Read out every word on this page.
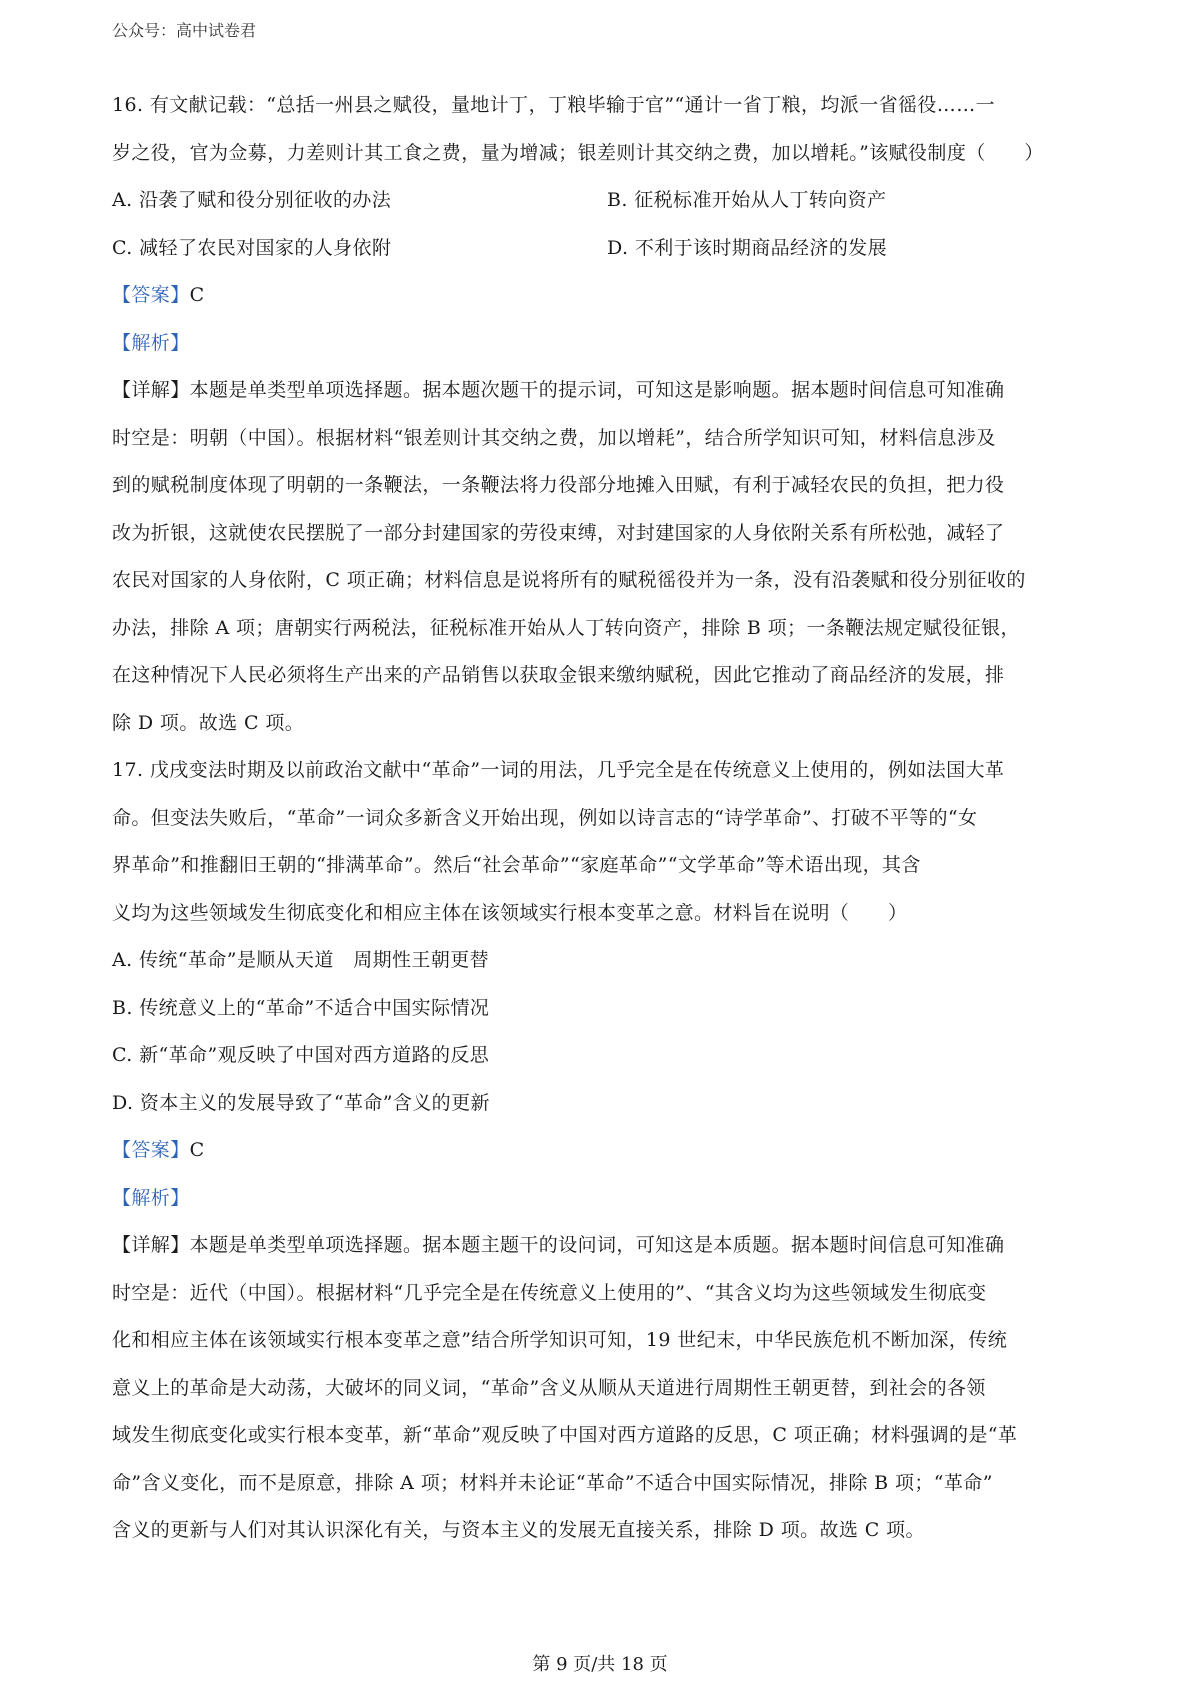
公众号：高中试卷君
16. 有文献记载：“总括一州县之赋役，量地计丁，丁粮毕输于官”“通计一省丁粮，均派一省徭役……一
岁之役，官为佥募，力差则计其工食之费，量为增减；银差则计其交纳之费，加以增耗。”该赋役制度（　　）
A. 沿袭了赋和役分别征收的办法	B. 征税标准开始从人丁转向资产
C. 减轻了农民对国家的人身依附	D. 不利于该时期商品经济的发展
【答案】C
【解析】
【详解】本题是单类型单项选择题。据本题次题干的提示词，可知这是影响题。据本题时间信息可知准确
时空是：明朝（中国）。根据材料“银差则计其交纳之费，加以增耗”，结合所学知识可知，材料信息涉及
到的赋税制度体现了明朝的一条鞭法，一条鞭法将力役部分地摊入田赋，有利于减轻农民的负担，把力役
改为折银，这就使农民摆脱了一部分封建国家的劳役束缚，对封建国家的人身依附关系有所松弛，减轻了
农民对国家的人身依附，C 项正确；材料信息是说将所有的赋税徭役并为一条，没有沿袭赋和役分别征收的
办法，排除 A 项；唐朝实行两税法，征税标准开始从人丁转向资产，排除 B 项；一条鞭法规定赋役征银，
在这种情况下人民必须将生产出来的产品销售以获取金银来缴纳赋税，因此它推动了商品经济的发展，排
除 D 项。故选 C 项。
17. 戊戌变法时期及以前政治文献中“革命”一词的用法，几乎完全是在传统意义上使用的，例如法国大革
命。但变法失败后，“革命”一词众多新含义开始出现，例如以诗言志的“诗学革命”、打破不平等的“女
界革命”和推翻旧王朝的“排满革命”。然后“社会革命”“家庭革命”“文学革命”等术语出现，其含
义均为这些领域发生彻底变化和相应主体在该领域实行根本变革之意。材料旨在说明（　　）
A. 传统“革命”是顺从天道　周期性王朝更替
B. 传统意义上的“革命”不适合中国实际情况
C. 新“革命”观反映了中国对西方道路的反思
D. 资本主义的发展导致了“革命”含义的更新
【答案】C
【解析】
【详解】本题是单类型单项选择题。据本题主题干的设问词，可知这是本质题。据本题时间信息可知准确
时空是：近代（中国）。根据材料“几乎完全是在传统意义上使用的”、“其含义均为这些领域发生彻底变
化和相应主体在该领域实行根本变革之意”结合所学知识可知，19 世纪末，中华民族危机不断加深，传统
意义上的革命是大动荡，大破坏的同义词，“革命”含义从顺从天道进行周期性王朝更替，到社会的各领
域发生彻底变化或实行根本变革，新“革命”观反映了中国对西方道路的反思，C 项正确；材料强调的是“革
命”含义变化，而不是原意，排除 A 项；材料并未论证“革命”不适合中国实际情况，排除 B 项；“革命”
含义的更新与人们对其认识深化有关，与资本主义的发展无直接关系，排除 D 项。故选 C 项。
第 9 页/共 18 页
